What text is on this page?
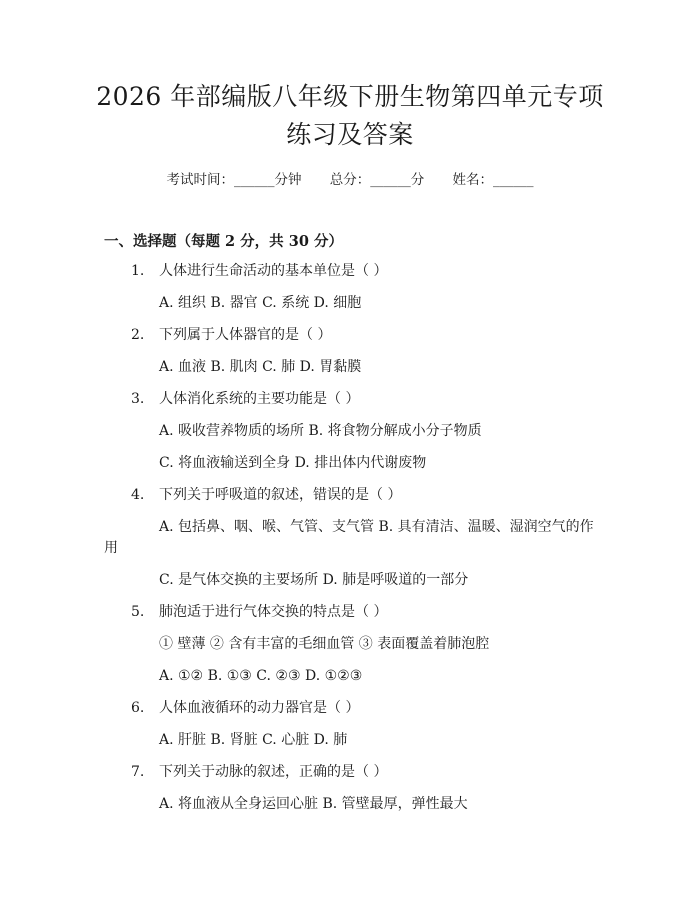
2026 年部编版八年级下册生物第四单元专项
练习及答案
考试时间：______分钟 总分：______分 姓名：______
一、选择题（每题 2 分，共 30 分）
1. 人体进行生命活动的基本单位是（ ）
A. 组织 B. 器官 C. 系统 D. 细胞
2. 下列属于人体器官的是（ ）
A. 血液 B. 肌肉 C. 肺 D. 胃黏膜
3. 人体消化系统的主要功能是（ ）
A. 吸收营养物质的场所 B. 将食物分解成小分子物质
C. 将血液输送到全身 D. 排出体内代谢废物
4. 下列关于呼吸道的叙述，错误的是（ ）
A. 包括鼻、咽、喉、气管、支气管 B. 具有清洁、温暖、湿润空气的作
用
C. 是气体交换的主要场所 D. 肺是呼吸道的一部分
5. 肺泡适于进行气体交换的特点是（ ）
① 壁薄 ② 含有丰富的毛细血管 ③ 表面覆盖着肺泡腔
A. ①② B. ①③ C. ②③ D. ①②③
6. 人体血液循环的动力器官是（ ）
A. 肝脏 B. 肾脏 C. 心脏 D. 肺
7. 下列关于动脉的叙述，正确的是（ ）
A. 将血液从全身运回心脏 B. 管壁最厚，弹性最大
